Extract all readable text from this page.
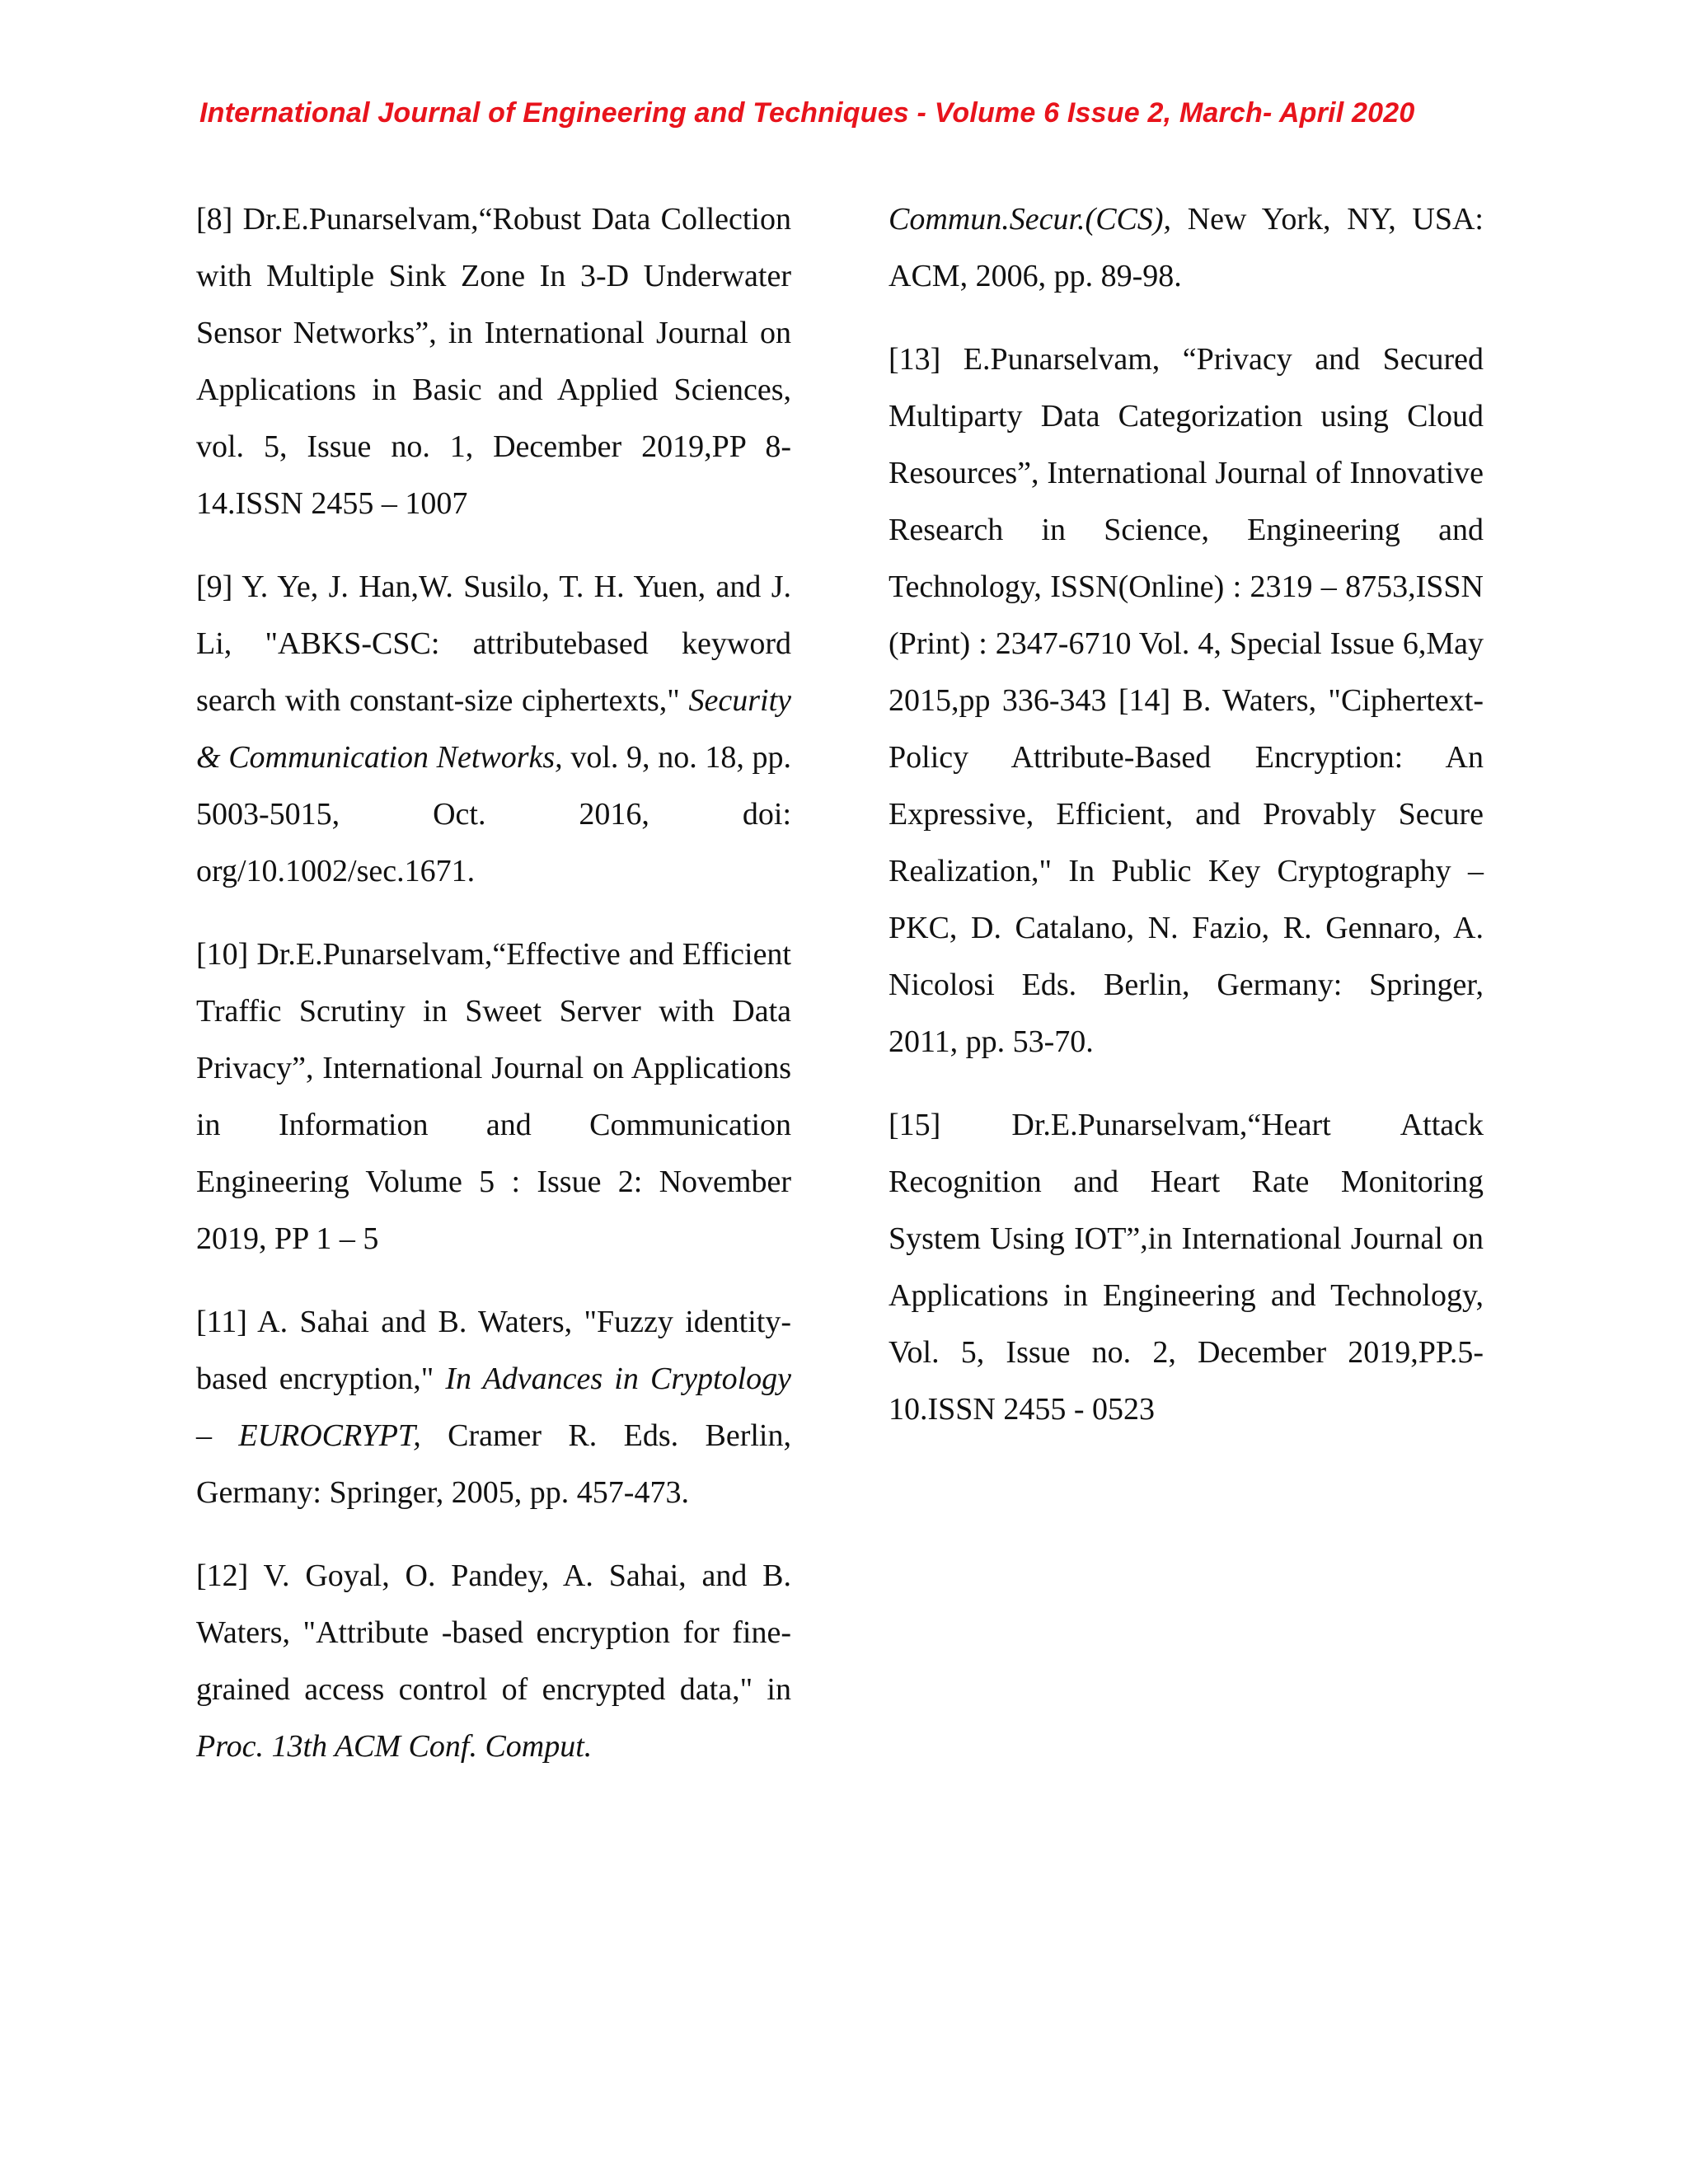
International Journal of Engineering and Techniques - Volume 6 Issue 2, March- April 2020

[8] Dr.E.Punarselvam,“Robust Data Collection with Multiple Sink Zone In 3-D Underwater Sensor Networks”, in International Journal on Applications in Basic and Applied Sciences, vol. 5, Issue no. 1, December 2019,PP 8-14.ISSN 2455 – 1007

[9] Y. Ye, J. Han,W. Susilo, T. H. Yuen, and J. Li, "ABKS-CSC: attributebased keyword search with constant-size ciphertexts," Security & Communication Networks, vol. 9, no. 18, pp. 5003-5015, Oct. 2016, doi: org/10.1002/sec.1671.

[10] Dr.E.Punarselvam,“Effective and Efficient Traffic Scrutiny in Sweet Server with Data Privacy”, International Journal on Applications in Information and Communication Engineering Volume 5 : Issue 2: November 2019, PP 1 – 5

[11] A. Sahai and B. Waters, "Fuzzy identity-based encryption," In Advances in Cryptology – EUROCRYPT, Cramer R. Eds. Berlin, Germany: Springer, 2005, pp. 457-473.

[12] V. Goyal, O. Pandey, A. Sahai, and B. Waters, "Attribute -based encryption for fine-grained access control of encrypted data," in Proc. 13th ACM Conf. Comput.

Commun.Secur.(CCS), New York, NY, USA: ACM, 2006, pp. 89-98.

[13] E.Punarselvam, “Privacy and Secured Multiparty Data Categorization using Cloud Resources”, International Journal of Innovative Research in Science, Engineering and Technology, ISSN(Online) : 2319 – 8753,ISSN (Print) : 2347-6710 Vol. 4, Special Issue 6,May 2015,pp 336-343 [14] B. Waters, "Ciphertext-Policy Attribute-Based Encryption: An Expressive, Efficient, and Provably Secure Realization," In Public Key Cryptography – PKC, D. Catalano, N. Fazio, R. Gennaro, A. Nicolosi Eds. Berlin, Germany: Springer, 2011, pp. 53-70.

[15] Dr.E.Punarselvam,“Heart Attack Recognition and Heart Rate Monitoring System Using IOT”,in International Journal on Applications in Engineering and Technology, Vol. 5, Issue no. 2, December 2019,PP.5-10.ISSN 2455 - 0523
